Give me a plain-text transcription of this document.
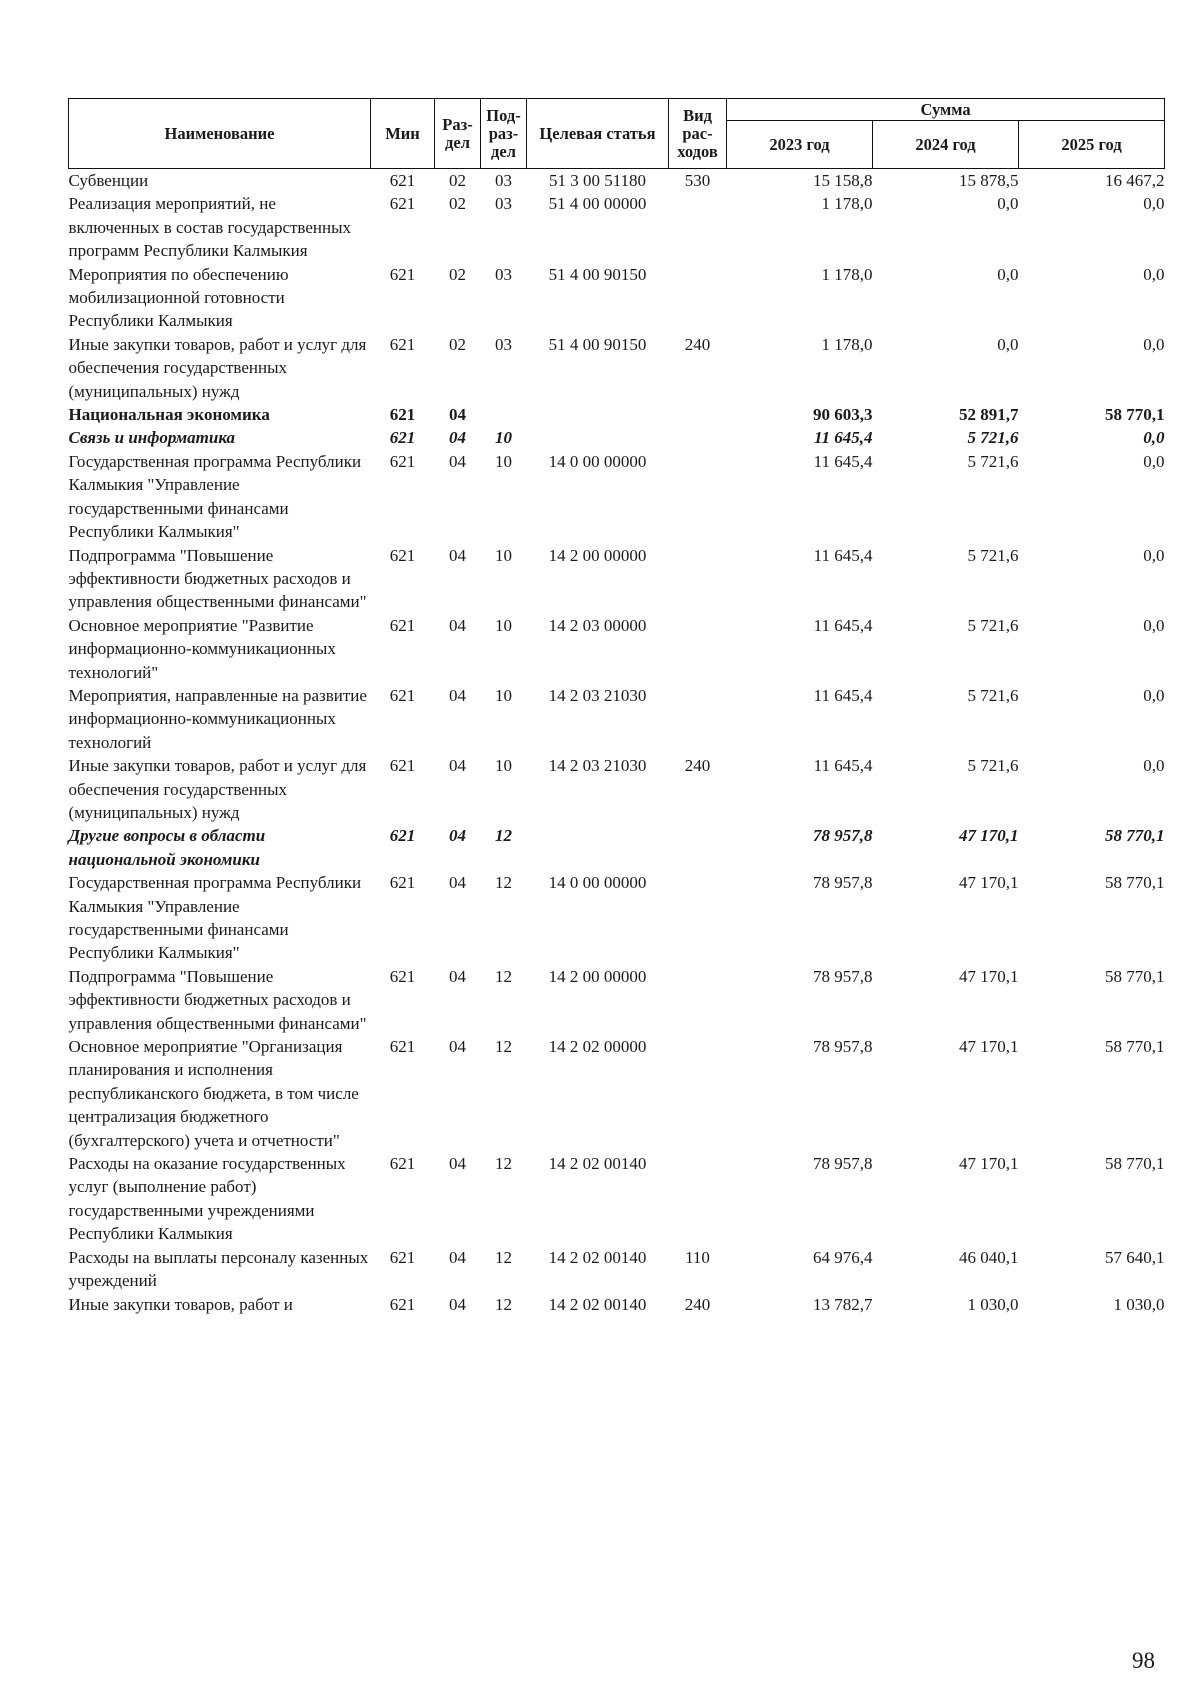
Наименование	Мин	Раз-дел	Под-раз-дел	Целевая статья	Вид рас-ходов	Сумма		
						2023 год	2024 год	2025 год
Субвенции	621	02	03	51 3 00 51180	530	15 158,8	15 878,5	16 467,2
Реализация мероприятий, не включенных в состав государственных программ Республики Калмыкия	621	02	03	51 4 00 00000		1 178,0	0,0	0,0
Мероприятия по обеспечению мобилизационной готовности Республики Калмыкия	621	02	03	51 4 00 90150		1 178,0	0,0	0,0
Иные закупки товаров, работ и услуг для обеспечения государственных (муниципальных) нужд	621	02	03	51 4 00 90150	240	1 178,0	0,0	0,0
Национальная экономика	621	04				90 603,3	52 891,7	58 770,1
Связь и информатика	621	04	10			11 645,4	5 721,6	0,0
Государственная программа Республики Калмыкия "Управление государственными финансами Республики Калмыкия"	621	04	10	14 0 00 00000		11 645,4	5 721,6	0,0
Подпрограмма "Повышение эффективности бюджетных расходов и управления общественными финансами"	621	04	10	14 2 00 00000		11 645,4	5 721,6	0,0
Основное мероприятие "Развитие информационно-коммуникационных технологий"	621	04	10	14 2 03 00000		11 645,4	5 721,6	0,0
Мероприятия, направленные на развитие информационно-коммуникационных технологий	621	04	10	14 2 03 21030		11 645,4	5 721,6	0,0
Иные закупки товаров, работ и услуг для обеспечения государственных (муниципальных) нужд	621	04	10	14 2 03 21030	240	11 645,4	5 721,6	0,0
Другие вопросы в области национальной экономики	621	04	12			78 957,8	47 170,1	58 770,1
Государственная программа Республики Калмыкия "Управление государственными финансами Республики Калмыкия"	621	04	12	14 0 00 00000		78 957,8	47 170,1	58 770,1
Подпрограмма "Повышение эффективности бюджетных расходов и управления общественными финансами"	621	04	12	14 2 00 00000		78 957,8	47 170,1	58 770,1
Основное мероприятие "Организация планирования и исполнения республиканского бюджета, в том числе централизация бюджетного (бухгалтерского) учета и отчетности"	621	04	12	14 2 02 00000		78 957,8	47 170,1	58 770,1
Расходы на оказание государственных услуг (выполнение работ) государственными учреждениями Республики Калмыкия	621	04	12	14 2 02 00140		78 957,8	47 170,1	58 770,1
Расходы на выплаты персоналу казенных учреждений	621	04	12	14 2 02 00140	110	64 976,4	46 040,1	57 640,1
Иные закупки товаров, работ и	621	04	12	14 2 02 00140	240	13 782,7	1 030,0	1 030,0
98
